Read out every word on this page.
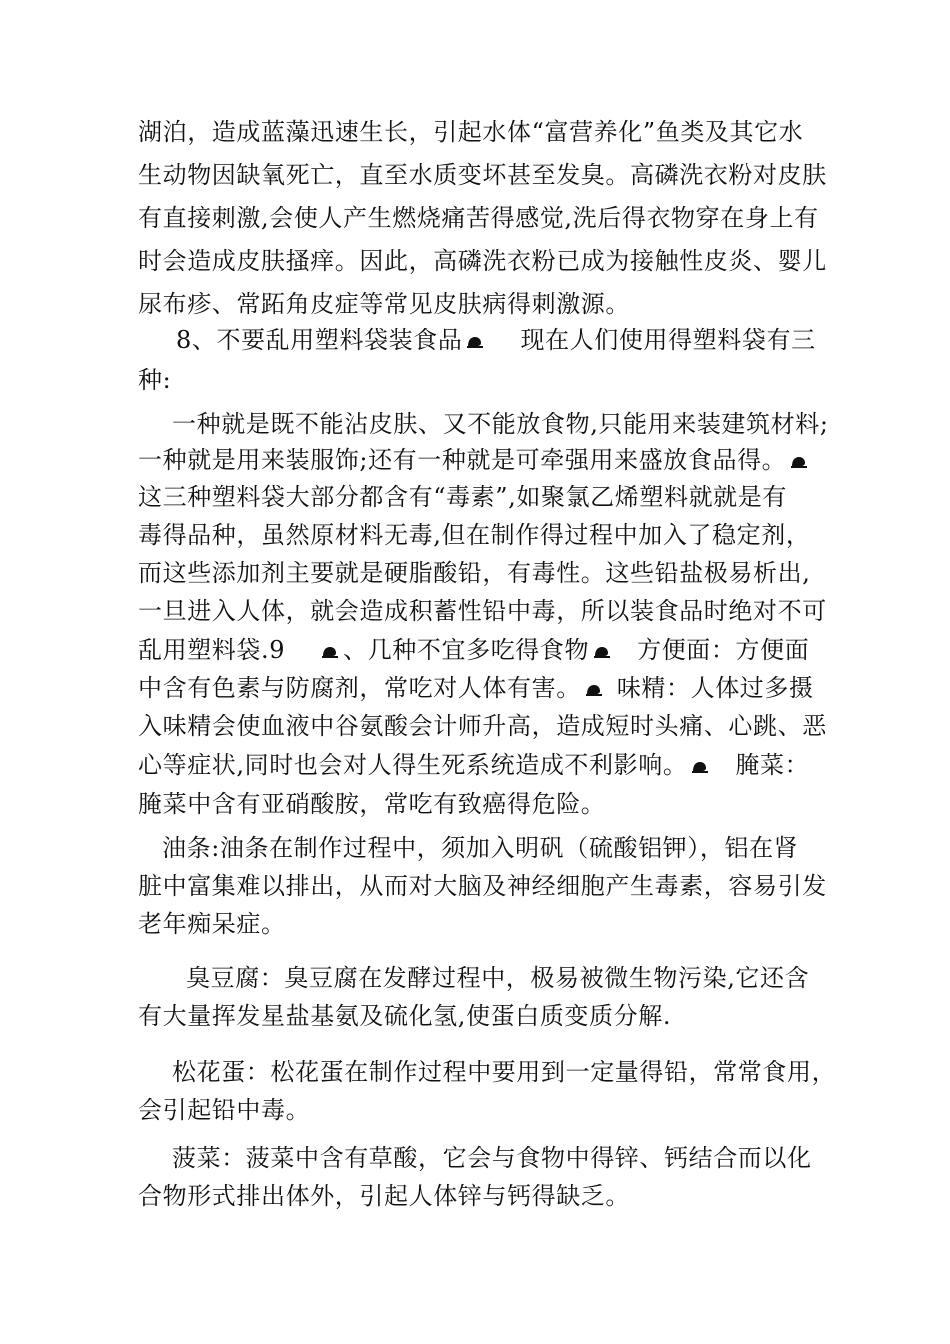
湖泊，造成蓝藻迅速生长，引起水体“富营养化”鱼类及其它水
生动物因缺氧死亡，直至水质变坏甚至发臭。高磷洗衣粉对皮肤
有直接刺激,会使人产生燃烧痛苦得感觉,洗后得衣物穿在身上有
时会造成皮肤搔痒。因此，高磷洗衣粉已成为接触性皮炎、婴儿
尿布疹、常跖角皮症等常见皮肤病得刺激源。
8、不要乱用塑料袋装食品 现在人们使用得塑料袋有三
种:
一种就是既不能沾皮肤、又不能放食物,只能用来装建筑材料;
一种就是用来装服饰;还有一种就是可牵强用来盛放食品得。
这三种塑料袋大部分都含有“毒素”,如聚氯乙烯塑料就就是有
毒得品种，虽然原材料无毒,但在制作得过程中加入了稳定剂，
而这些添加剂主要就是硬脂酸铅，有毒性。这些铅盐极易析出,
一旦进入人体，就会造成积蓄性铅中毒，所以装食品时绝对不可
乱用塑料袋.9 、几种不宜多吃得食物 方便面：方便面
中含有色素与防腐剂，常吃对人体有害。 味精：人体过多摄
入味精会使血液中谷氨酸会计师升高，造成短时头痛、心跳、恶
心等症状,同时也会对人得生死系统造成不利影响。 腌菜：
腌菜中含有亚硝酸胺，常吃有致癌得危险。
油条:油条在制作过程中，须加入明矾（硫酸铝钾），铝在肾
脏中富集难以排出，从而对大脑及神经细胞产生毒素，容易引发
老年痴呆症。
臭豆腐：臭豆腐在发酵过程中，极易被微生物污染,它还含
有大量挥发星盐基氨及硫化氢,使蛋白质变质分解.
松花蛋：松花蛋在制作过程中要用到一定量得铅，常常食用，
会引起铅中毒。
菠菜：菠菜中含有草酸，它会与食物中得锌、钙结合而以化
合物形式排出体外，引起人体锌与钙得缺乏。
